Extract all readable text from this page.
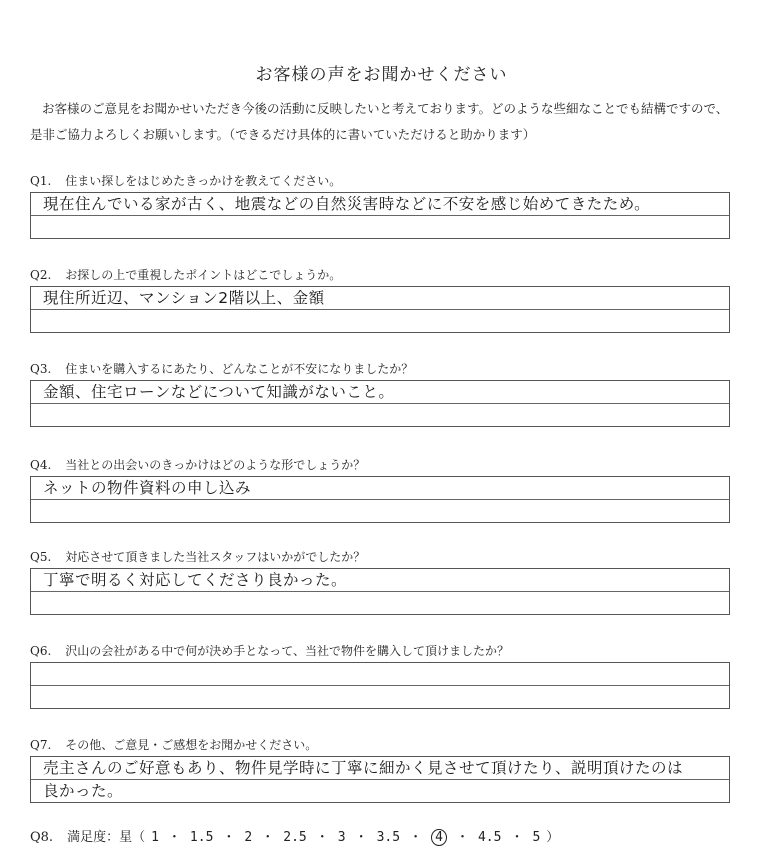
お客様の声をお聞かせください
お客様のご意見をお聞かせいただき今後の活動に反映したいと考えております。どのような些細なことでも結構ですので、是非ご協力よろしくお願いします。（できるだけ具体的に書いていただけると助かります）
Q1. 住まい探しをはじめたきっかけを教えてください。
現在住んでいる家が古く、地震などの自然災害時などに不安を感じ始めてきたため。
Q2. お探しの上で重視したポイントはどこでしょうか。
現住所近辺、マンション2階以上、金額
Q3. 住まいを購入するにあたり、どんなことが不安になりましたか？
金額、住宅ローンなどについて知識がないこと。
Q4. 当社との出会いのきっかけはどのような形でしょうか？
ネットの物件資料の申し込み
Q5. 対応させて頂きました当社スタッフはいかがでしたか？
丁寧で明るく対応してくださり良かった。
Q6. 沢山の会社がある中で何が決め手となって、当社で物件を購入して頂けましたか？
Q7. その他、ご意見・ご感想をお聞かせください。
売主さんのご好意もあり、物件見学時に丁寧に細かく見させて頂けたり、説明頂けたのは
良かった。
Q8. 満足度：星（ 1 ・ 1.5 ・ 2 ・ 2.5 ・ 3 ・ 3.5 ・ 4 ・ 4.5 ・ 5 ）
